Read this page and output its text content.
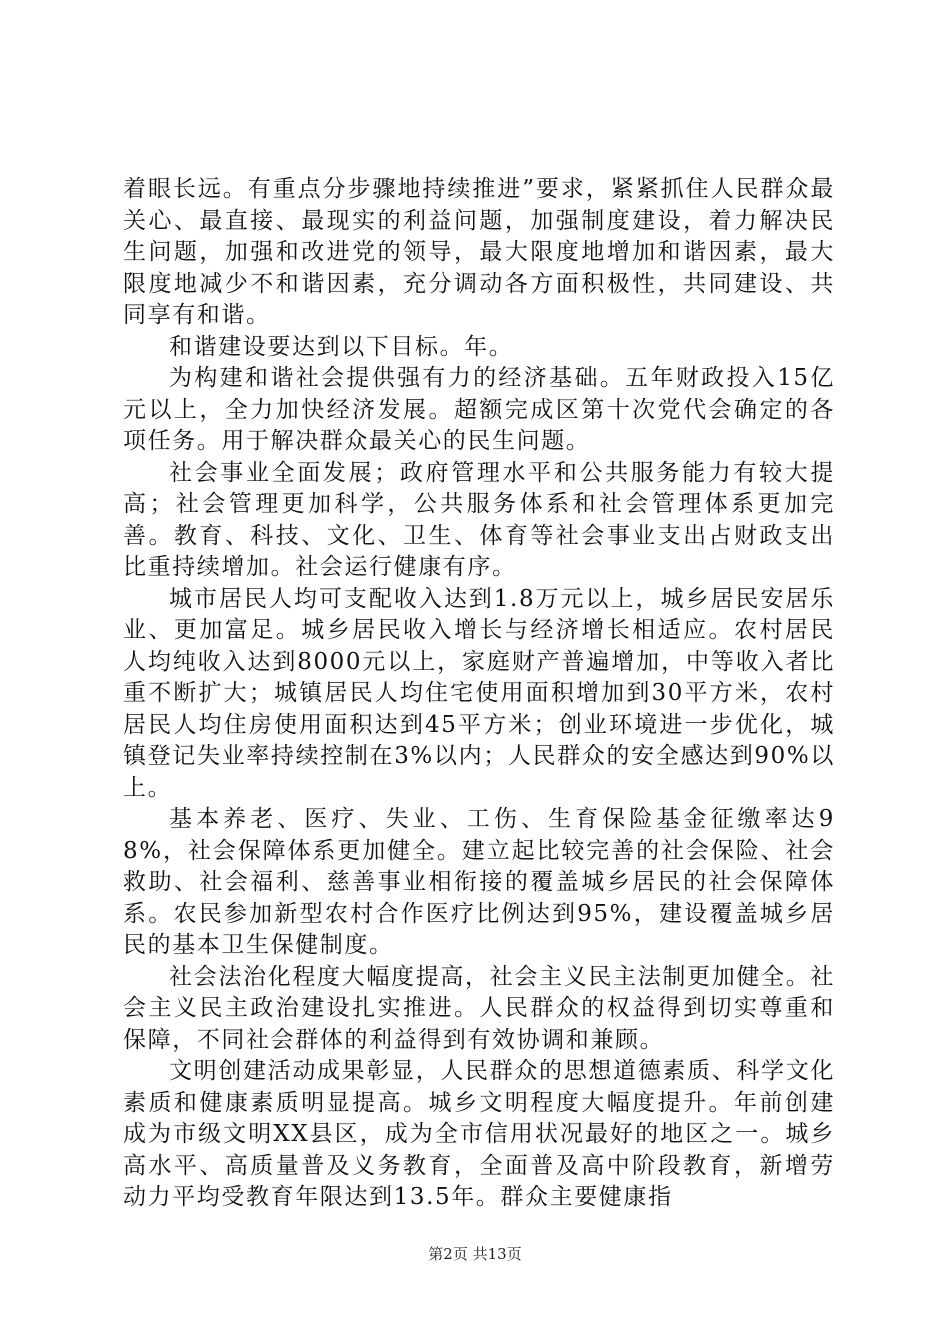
着眼长远。有重点分步骤地持续推进”要求，紧紧抓住人民群众最关心、最直接、最现实的利益问题，加强制度建设，着力解决民生问题，加强和改进党的领导，最大限度地增加和谐因素，最大限度地减少不和谐因素，充分调动各方面积极性，共同建设、共同享有和谐。

和谐建设要达到以下目标。年。

为构建和谐社会提供强有力的经济基础。五年财政投入15亿元以上，全力加快经济发展。超额完成区第十次党代会确定的各项任务。用于解决群众最关心的民生问题。

社会事业全面发展；政府管理水平和公共服务能力有较大提高；社会管理更加科学，公共服务体系和社会管理体系更加完善。教育、科技、文化、卫生、体育等社会事业支出占财政支出比重持续增加。社会运行健康有序。

城市居民人均可支配收入达到1.8万元以上，城乡居民安居乐业、更加富足。城乡居民收入增长与经济增长相适应。农村居民人均纯收入达到8000元以上，家庭财产普遍增加，中等收入者比重不断扩大；城镇居民人均住宅使用面积增加到30平方米，农村居民人均住房使用面积达到45平方米；创业环境进一步优化，城镇登记失业率持续控制在3%以内；人民群众的安全感达到90%以上。

基本养老、医疗、失业、工伤、生育保险基金征缴率达98%，社会保障体系更加健全。建立起比较完善的社会保险、社会救助、社会福利、慈善事业相衔接的覆盖城乡居民的社会保障体系。农民参加新型农村合作医疗比例达到95%，建设覆盖城乡居民的基本卫生保健制度。

社会法治化程度大幅度提高，社会主义民主法制更加健全。社会主义民主政治建设扎实推进。人民群众的权益得到切实尊重和保障，不同社会群体的利益得到有效协调和兼顾。

文明创建活动成果彰显，人民群众的思想道德素质、科学文化素质和健康素质明显提高。城乡文明程度大幅度提升。年前创建成为市级文明XX县区，成为全市信用状况最好的地区之一。城乡高水平、高质量普及义务教育，全面普及高中阶段教育，新增劳动力平均受教育年限达到13.5年。群众主要健康指

第2页 共13页
